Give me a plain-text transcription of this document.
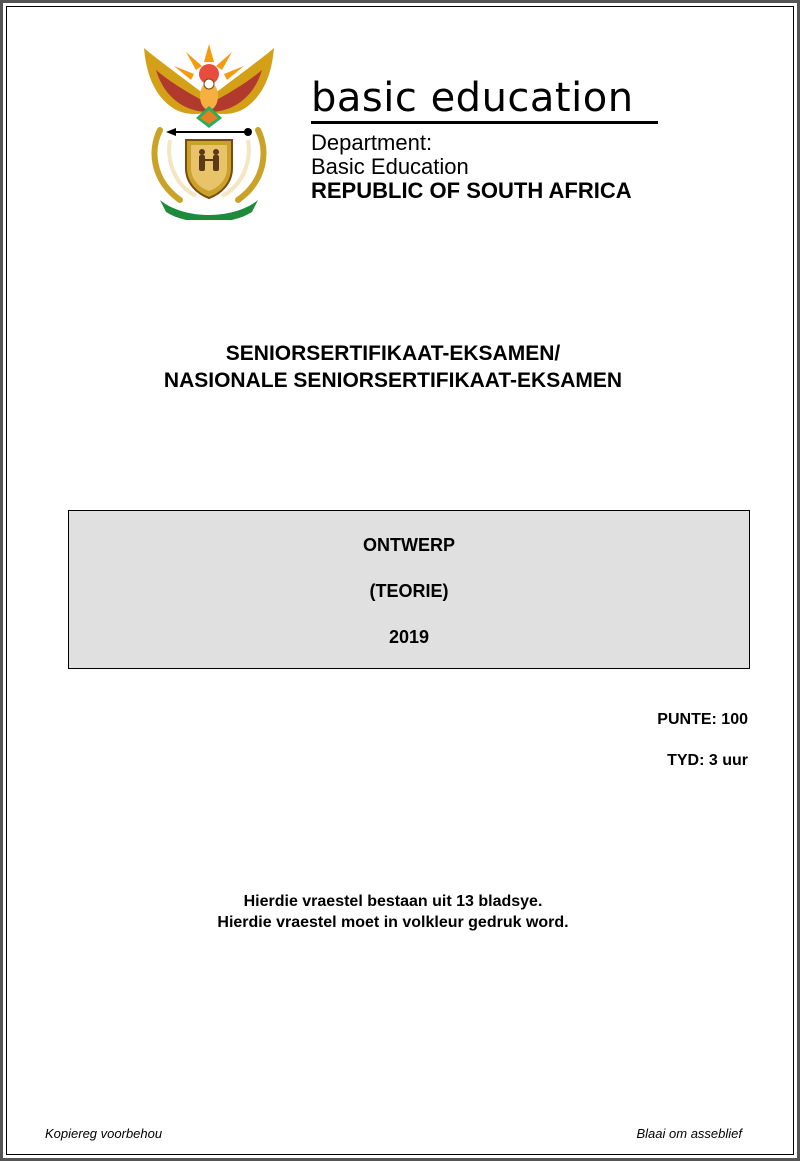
basic education
Department:
Basic Education
REPUBLIC OF SOUTH AFRICA
SENIORSERTIFIKAAT-EKSAMEN/
NASIONALE SENIORSERTIFIKAAT-EKSAMEN
ONTWERP
(TEORIE)
2019
PUNTE: 100
TYD: 3 uur
Hierdie vraestel bestaan uit 13 bladsye.
Hierdie vraestel moet in volkleur gedruk word.
Kopiereg voorbehou	Blaai om asseblief
